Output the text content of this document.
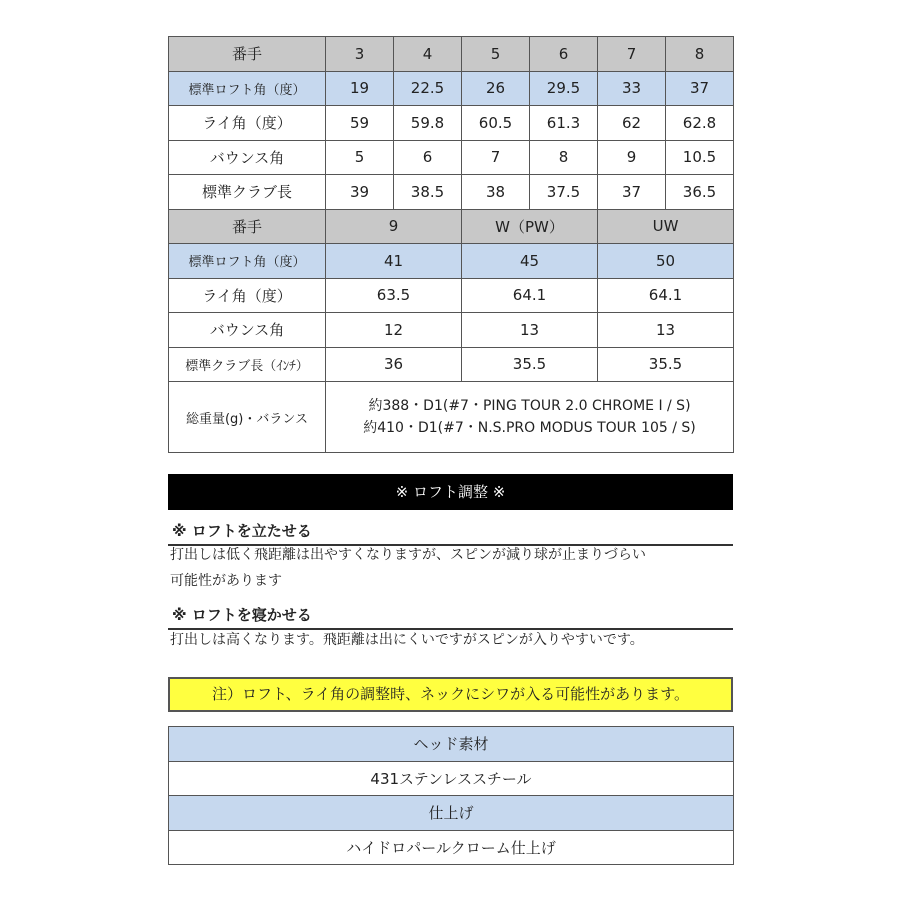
番手	3	4	5	6	7	8
標準ロフト角（度）	19	22.5	26	29.5	33	37
ライ角（度）	59	59.8	60.5	61.3	62	62.8
バウンス角	5	6	7	8	9	10.5
標準クラブ長	39	38.5	38	37.5	37	36.5
番手	9		W（PW）		UW	
標準ロフト角（度）	41		45		50	
ライ角（度）	63.5		64.1		64.1	
バウンス角	12		13		13	
標準クラブ長（ｲﾝﾁ）	36		35.5		35.5	
総重量(g)・バランス	約388・D1(#7・PING TOUR 2.0 CHROME I / S)
約410・D1(#7・N.S.PRO MODUS TOUR 105 / S)					
※ ロフト調整 ※
※ ロフトを立たせる
打出しは低く飛距離は出やすくなりますが、スピンが減り球が止まりづらい
可能性があります
※ ロフトを寝かせる
打出しは高くなります。飛距離は出にくいですがスピンが入りやすいです。
注）ロフト、ライ角の調整時、ネックにシワが入る可能性があります。
ヘッド素材
431ステンレススチール
仕上げ
ハイドロパールクローム仕上げ
